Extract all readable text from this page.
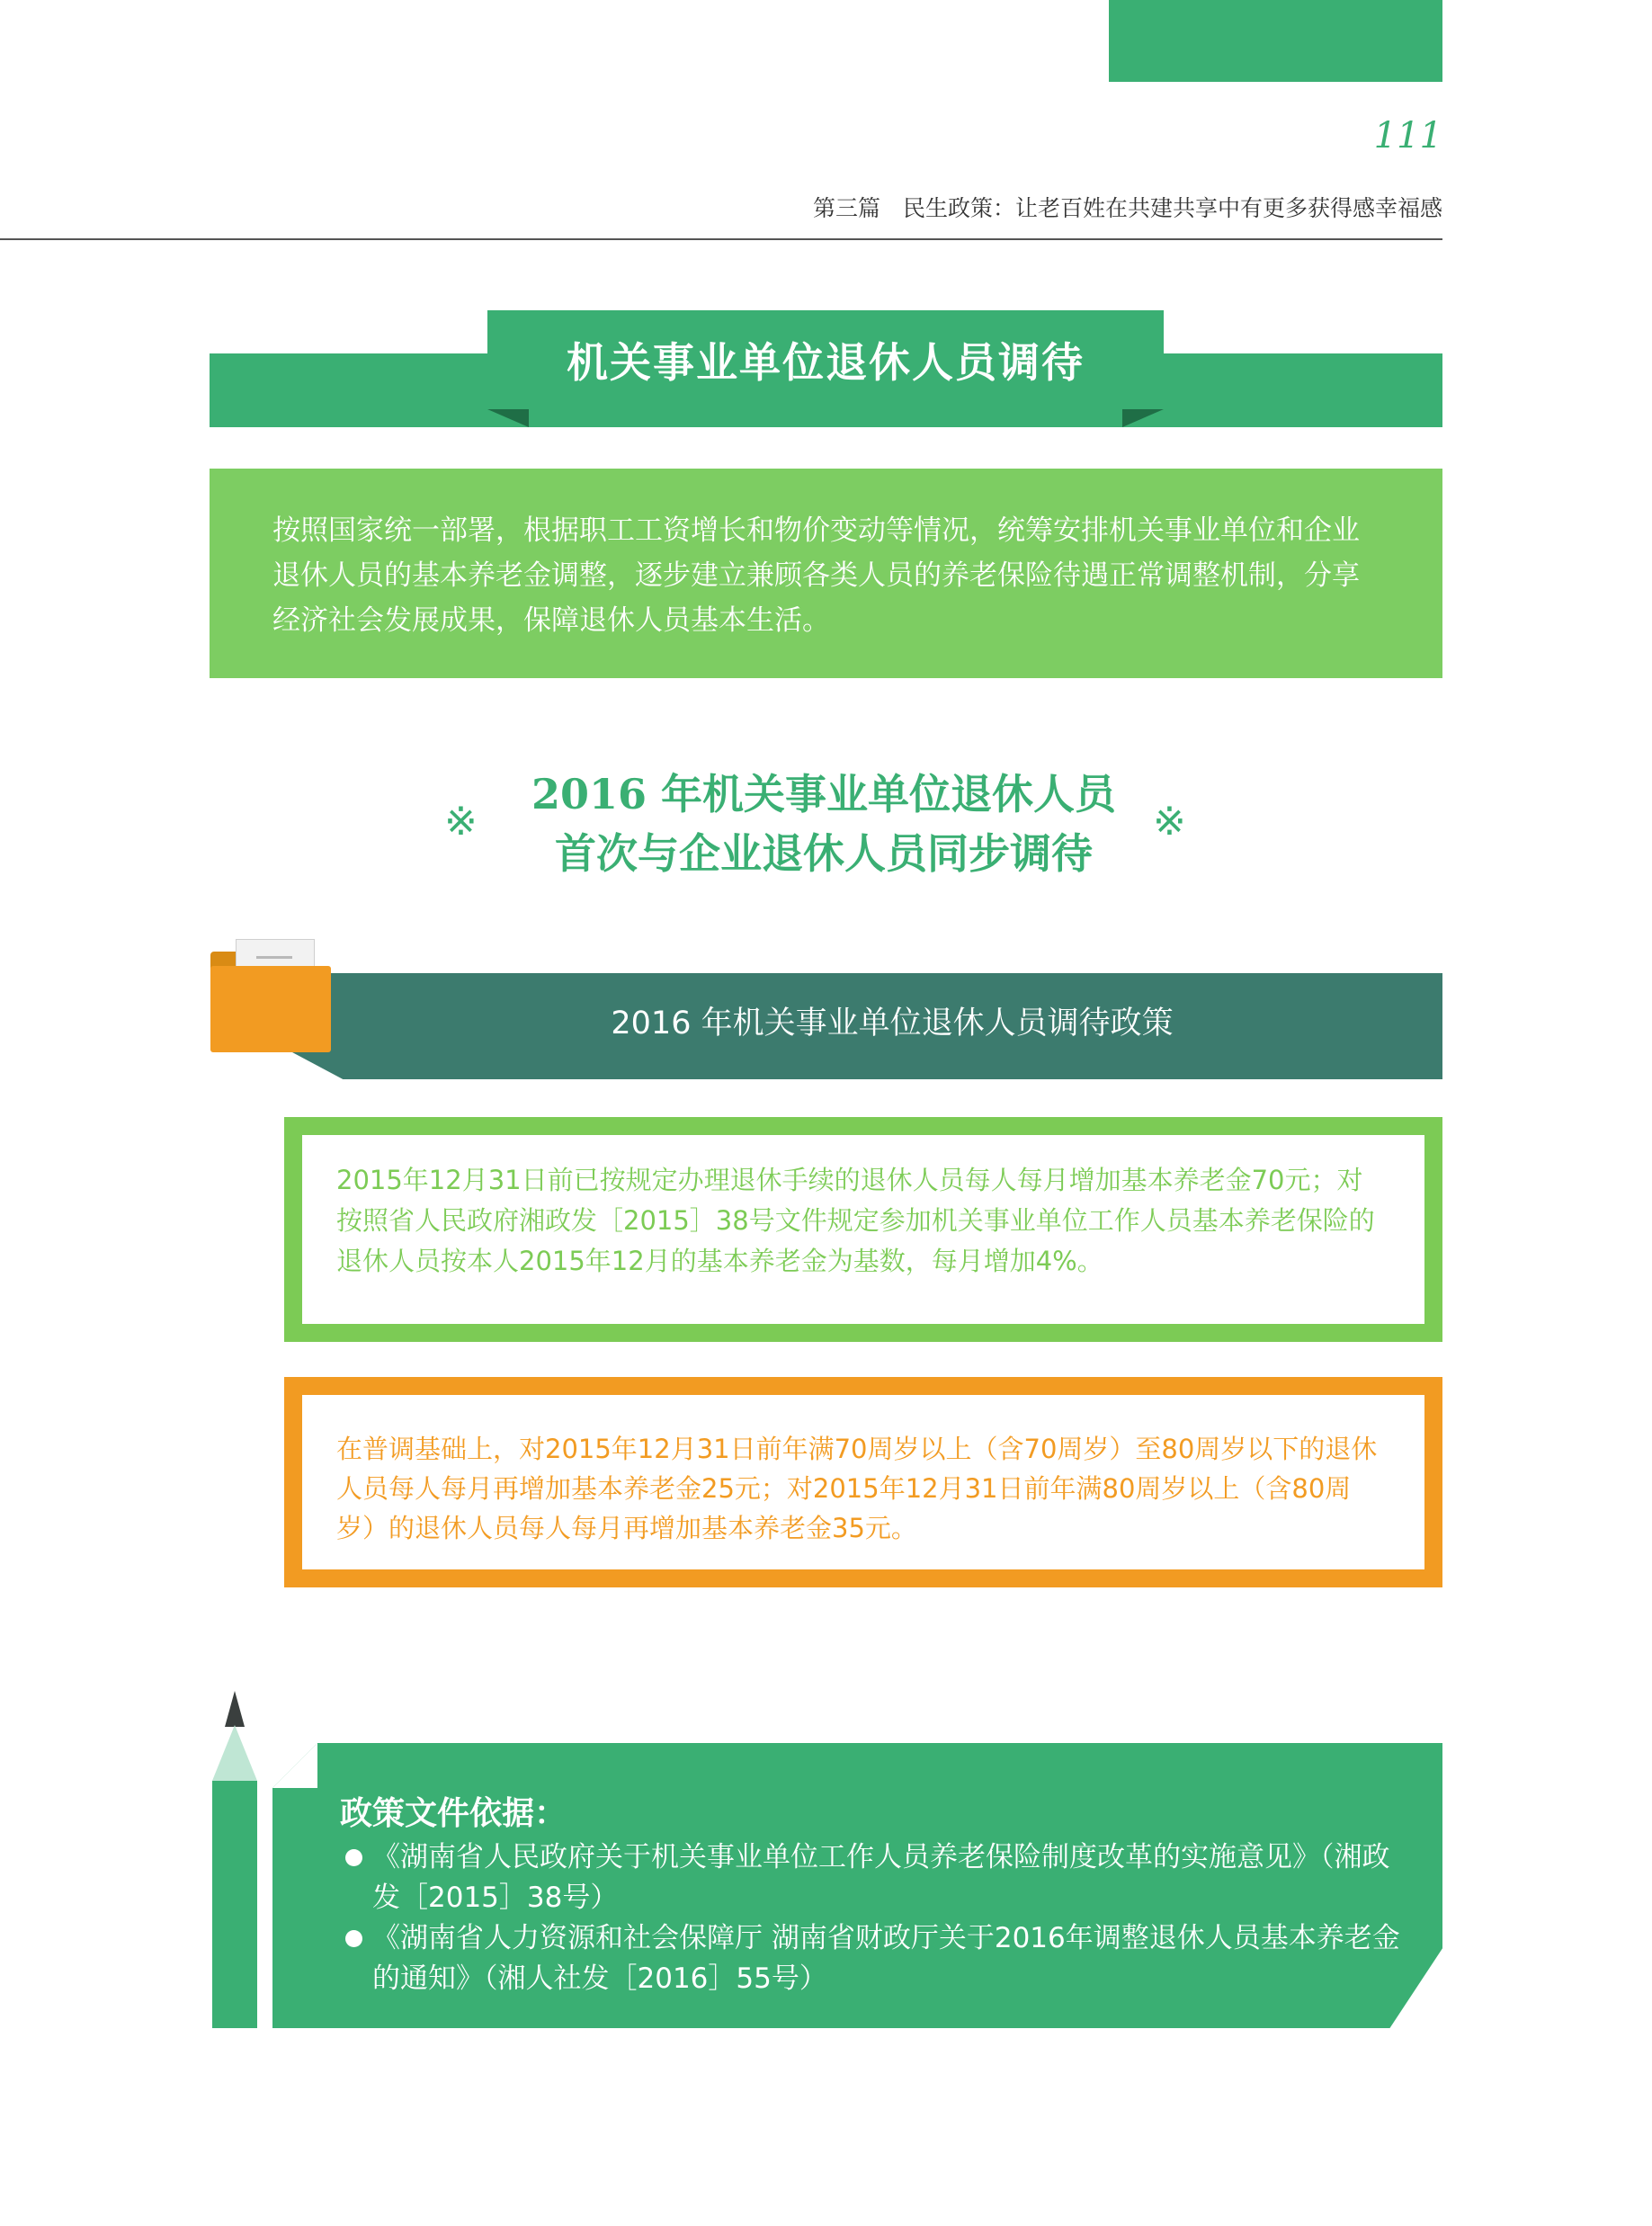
111
第三篇　民生政策：让老百姓在共建共享中有更多获得感幸福感
机关事业单位退休人员调待
按照国家统一部署，根据职工工资增长和物价变动等情况，统筹安排机关事业单位和企业退休人员的基本养老金调整，逐步建立兼顾各类人员的养老保险待遇正常调整机制，分享经济社会发展成果，保障退休人员基本生活。
※
2016 年机关事业单位退休人员
首次与企业退休人员同步调待
※
2016 年机关事业单位退休人员调待政策
2015年12月31日前已按规定办理退休手续的退休人员每人每月增加基本养老金70元；对按照省人民政府湘政发［2015］38号文件规定参加机关事业单位工作人员基本养老保险的退休人员按本人2015年12月的基本养老金为基数，每月增加4%。
在普调基础上，对2015年12月31日前年满70周岁以上（含70周岁）至80周岁以下的退休人员每人每月再增加基本养老金25元；对2015年12月31日前年满80周岁以上（含80周岁）的退休人员每人每月再增加基本养老金35元。
政策文件依据：
《湖南省人民政府关于机关事业单位工作人员养老保险制度改革的实施意见》（湘政发［2015］38号）
《湖南省人力资源和社会保障厅 湖南省财政厅关于2016年调整退休人员基本养老金的通知》（湘人社发［2016］55号）
